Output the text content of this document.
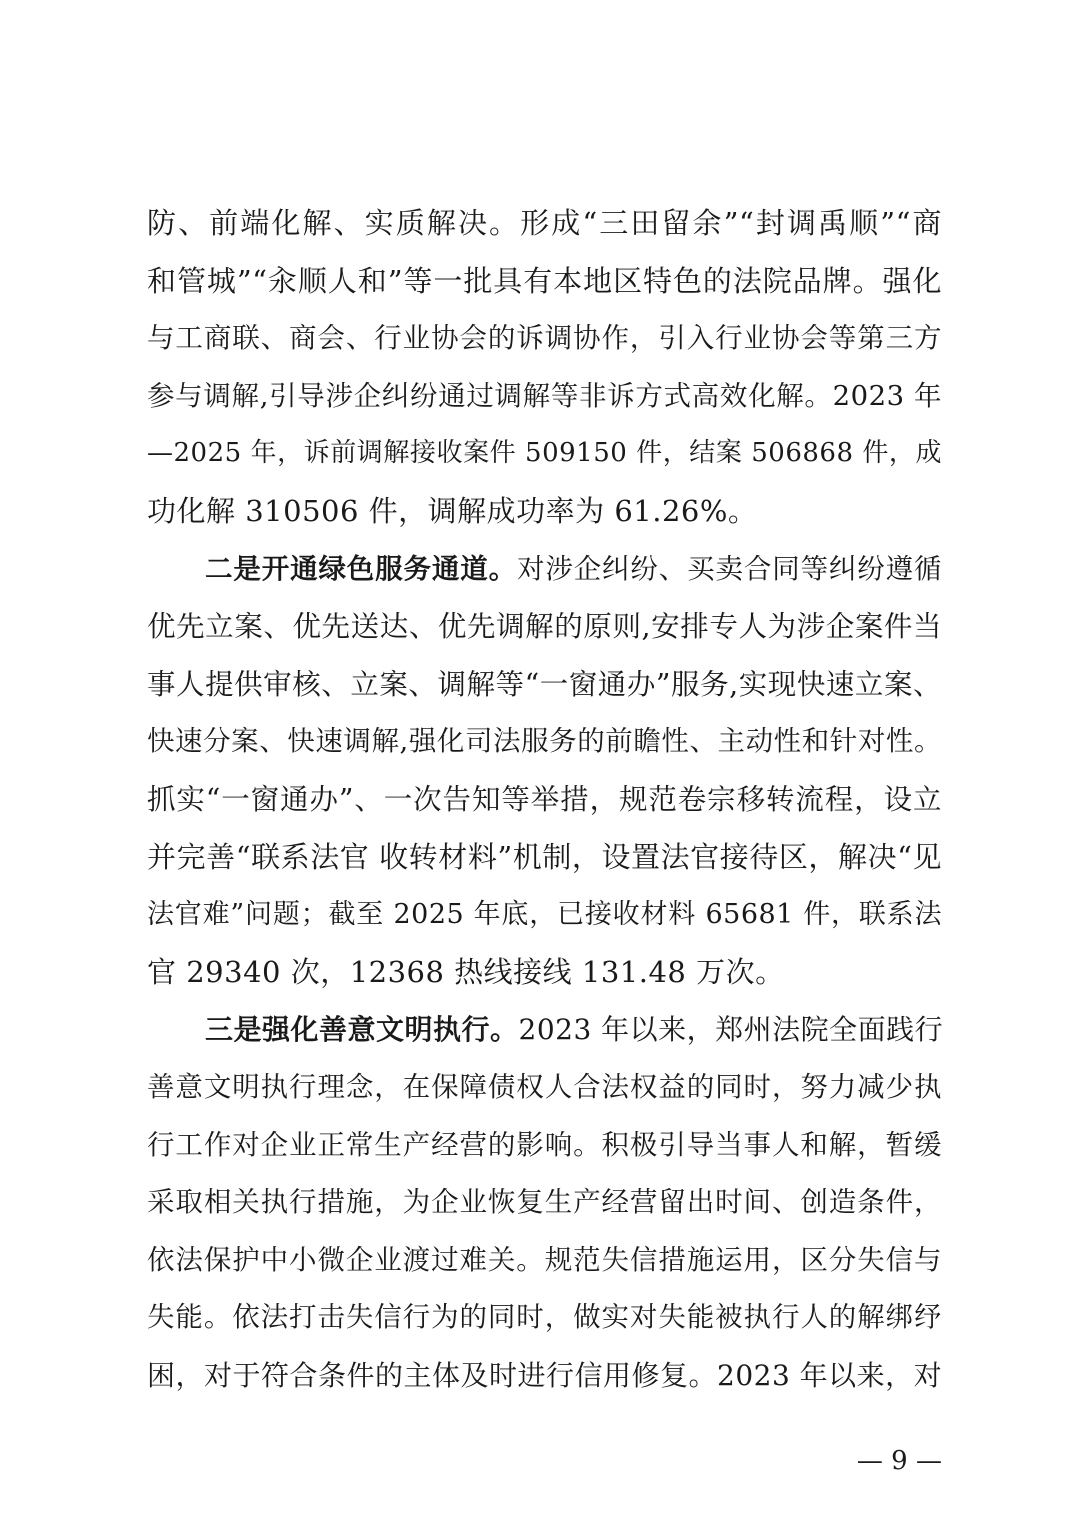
防、前端化解、实质解决。形成“三田留余”“封调禹顺”“商
和管城”“汆顺人和”等一批具有本地区特色的法院品牌。强化
与工商联、商会、行业协会的诉调协作，引入行业协会等第三方
参与调解,引导涉企纠纷通过调解等非诉方式高效化解。2023 年
—2025 年，诉前调解接收案件 509150 件，结案 506868 件，成
功化解 310506 件，调解成功率为 61.26%。
二是开通绿色服务通道。对涉企纠纷、买卖合同等纠纷遵循
优先立案、优先送达、优先调解的原则,安排专人为涉企案件当
事人提供审核、立案、调解等“一窗通办”服务,实现快速立案、
快速分案、快速调解,强化司法服务的前瞻性、主动性和针对性。
抓实“一窗通办”、一次告知等举措，规范卷宗移转流程，设立
并完善“联系法官 收转材料”机制，设置法官接待区，解决“见
法官难”问题；截至 2025 年底，已接收材料 65681 件，联系法
官 29340 次，12368 热线接线 131.48 万次。
三是强化善意文明执行。2023 年以来，郑州法院全面践行
善意文明执行理念，在保障债权人合法权益的同时，努力减少执
行工作对企业正常生产经营的影响。积极引导当事人和解，暂缓
采取相关执行措施，为企业恢复生产经营留出时间、创造条件，
依法保护中小微企业渡过难关。规范失信措施运用，区分失信与
失能。依法打击失信行为的同时，做实对失能被执行人的解绑纾
困，对于符合条件的主体及时进行信用修复。2023 年以来，对
— 9 —
